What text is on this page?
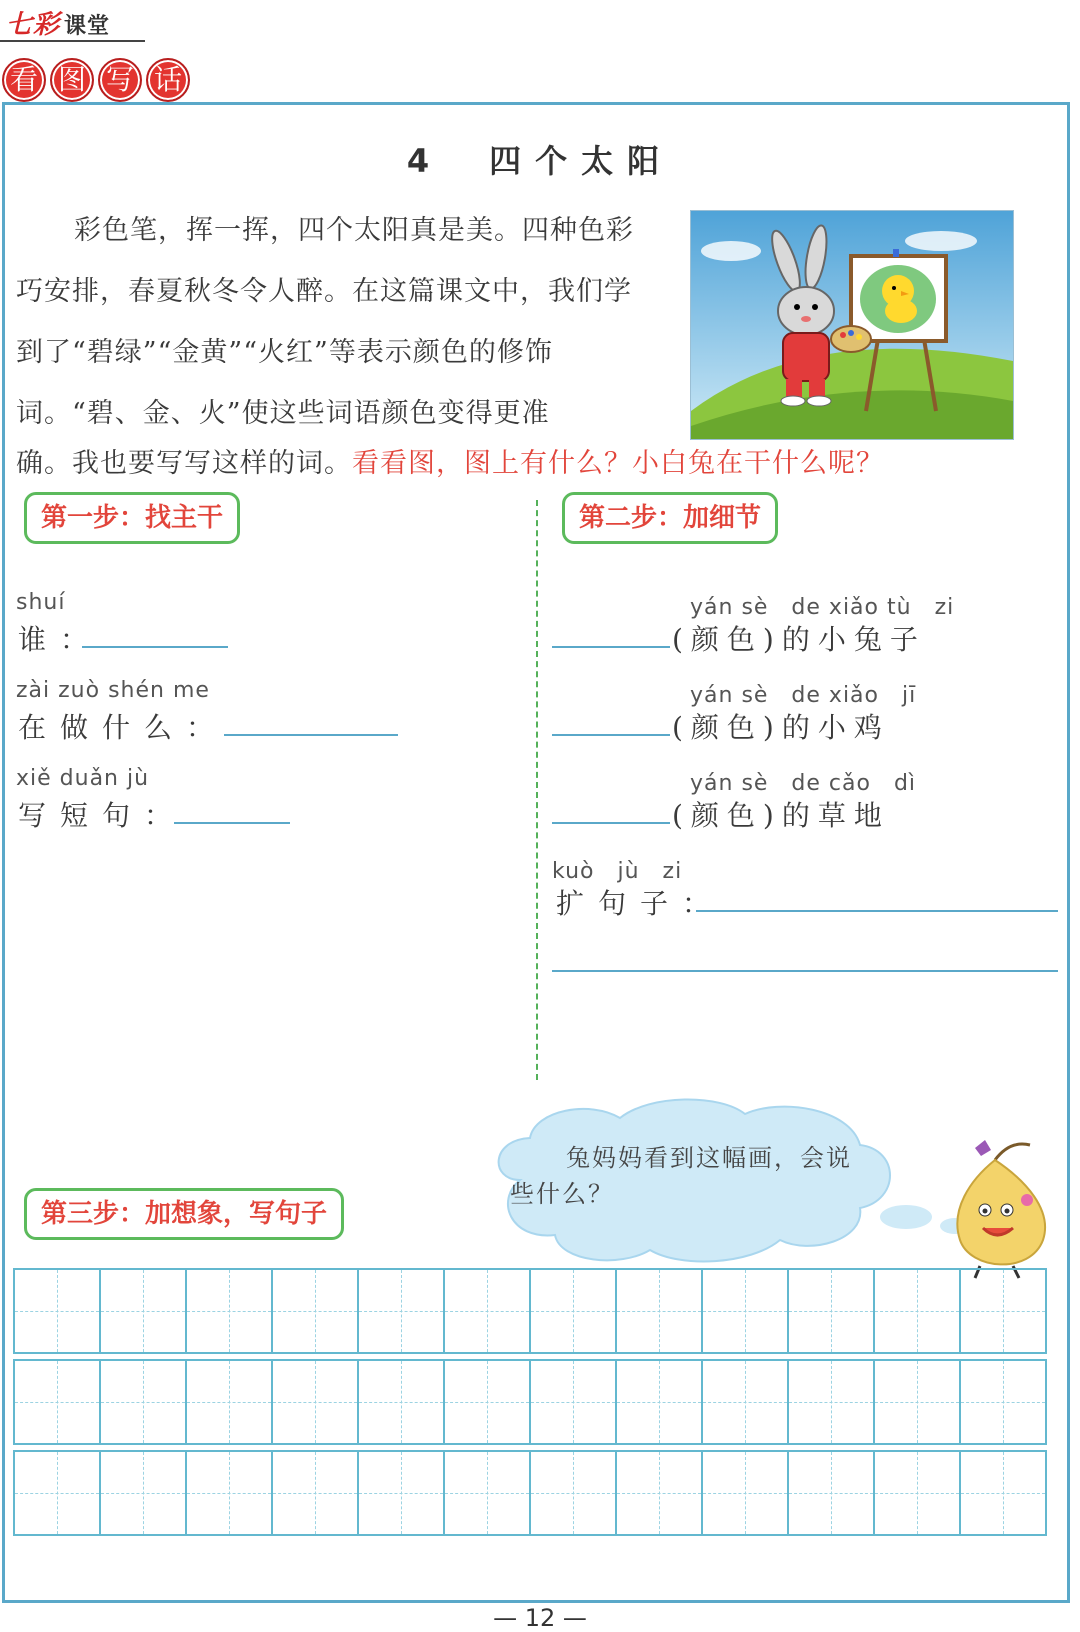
七彩 课堂
看 图 写 话
4　四个太阳
彩色笔，挥一挥，四个太阳真是美。四种色彩巧安排，春夏秋冬令人醉。在这篇课文中，我们学到了“碧绿”“金黄”“火红”等表示颜色的修饰词。“碧、金、火”使这些词语颜色变得更准
确。我也要写写这样的词。看看图，图上有什么？小白兔在干什么呢？
第一步：找主干
shuí
谁：
zài zuò shén me
在做什么：
xiě duǎn jù
写短句：
第二步：加细节
yán sè　de xiǎo tù　zi
(颜色)的小兔子
yán sè　de xiǎo　jī
(颜色)的小鸡
yán sè　de cǎo　dì
(颜色)的草地
kuò　jù　zi
扩句子：
兔妈妈看到这幅画，会说些什么？
第三步：加想象，写句子
— 12 —
